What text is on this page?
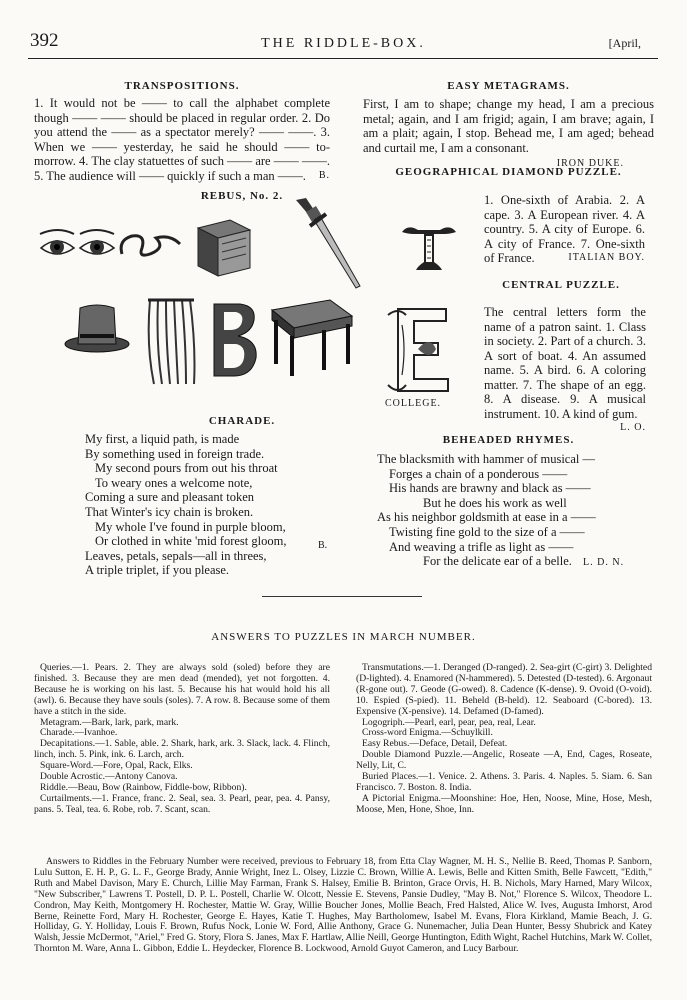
392	THE RIDDLE-BOX.	[April,
TRANSPOSITIONS.

1. It would not be —— to call the alphabet complete though —— —— should be placed in regular order. 2. Do you attend the —— as a spectator merely? —— ——. 3. When we —— yesterday, he said he should —— to-morrow. 4. The clay statuettes of such —— are —— ——. 5. The audience will —— quickly if such a man ——. B.

EASY METAGRAMS.

First, I am to shape; change my head, I am a precious metal; again, and I am frigid; again, I am brave; again, I am a plait; again, I stop. Behead me, I am aged; behead and curtail me, I am a consonant.

IRON DUKE.
GEOGRAPHICAL DIAMOND PUZZLE.

1. One-sixth of Arabia. 2. A cape. 3. A European river. 4. A country. 5. A city of Europe. 6. A city of France. 7. One-sixth of France.	ITALIAN BOY.

REBUS, No. 2.
CENTRAL PUZZLE.
COLLEGE.

The central letters form the name of a patron saint. 1. Class in society. 2. Part of a church. 3. A sort of boat. 4. An assumed name. 5. A bird. 6. A coloring matter. 7. The shape of an egg. 8. A disease. 9. A musical instrument. 10. A kind of gum.
L. O.

CHARADE.
My first, a liquid path, is made
By something used in foreign trade.
My second pours from out his throat
To weary ones a welcome note,
Coming a sure and pleasant token
That Winter's icy chain is broken.
My whole I've found in purple bloom,
Or clothed in white 'mid forest gloom,
Leaves, petals, sepals—all in threes,
A triple triplet, if you please.
B.
BEHEADED RHYMES.
The blacksmith with hammer of musical —
Forges a chain of a ponderous ——
His hands are brawny and black as ——
But he does his work as well
As his neighbor goldsmith at ease in a ——
Twisting fine gold to the size of a ——
And weaving a trifle as light as ——
For the delicate ear of a belle. L. D. N.
ANSWERS TO PUZZLES IN MARCH NUMBER.

Queries.—1. Pears. 2. They are always sold (soled) before they are finished. 3. Because they are men dead (mended), yet not forgotten. 4. Because he is working on his last. 5. Because his hat would hold his all (awl). 6. Because they have souls (soles). 7. A row. 8. Because some of them have a stitch in the side.

Metagram.—Bark, lark, park, mark.

Charade.—Ivanhoe.

Decapitations.—1. Sable, able. 2. Shark, hark, ark. 3. Slack, lack. 4. Flinch, linch, inch. 5. Pink, ink. 6. Larch, arch.

Square-Word.—Fore, Opal, Rack, Elks.

Double Acrostic.—Antony Canova.

Riddle.—Beau, Bow (Rainbow, Fiddle-bow, Ribbon).

Curtailments.—1. France, franc. 2. Seal, sea. 3. Pearl, pear, pea. 4. Pansy, pans. 5. Teal, tea. 6. Robe, rob. 7. Scant, scan.

Transmutations.—1. Deranged (D-ranged). 2. Sea-girt (C-girt) 3. Delighted (D-lighted). 4. Enamored (N-hammered). 5. Detested (D-tested). 6. Argonaut (R-gone out). 7. Geode (G-owed). 8. Cadence (K-dense). 9. Ovoid (O-void). 10. Espied (S-pied). 11. Beheld (B-held). 12. Seaboard (C-bored). 13. Expensive (X-pensive). 14. Defamed (D-famed).

Logogriph.—Pearl, earl, pear, pea, real, Lear.

Cross-word Enigma.—Schuylkill.

Easy Rebus.—Deface, Detail, Defeat.

Double Diamond Puzzle.—Angelic, Roseate —A, End, Cages, Roseate, Nelly, Lit, C.

Buried Places.—1. Venice. 2. Athens. 3. Paris. 4. Naples. 5. Siam. 6. San Francisco. 7. Boston. 8. India.

A Pictorial Enigma.—Moonshine: Hoe, Hen, Noose, Mine, Hose, Mesh, Moose, Men, Hone, Shoe, Inn.

Answers to Riddles in the February Number were received, previous to February 18, from Etta Clay Wagner, M. H. S., Nellie B. Reed, Thomas P. Sanborn, Lulu Sutton, E. H. P., G. L. F., George Brady, Annie Wright, Inez L. Olsey, Lizzie C. Brown, Willie A. Lewis, Belle and Kitten Smith, Belle Fawcett, "Edith," Ruth and Mabel Davison, Mary E. Church, Lillie May Farman, Frank S. Halsey, Emilie B. Brinton, Grace Orvis, H. B. Nichols, Mary Harned, Mary Wilcox, "New Subscriber," Lawrens T. Postell, D. P. L. Postell, Charlie W. Olcott, Nessie E. Stevens, Pansie Dudley, "May B. Not," Florence S. Wilcox, Theodore L. Condron, May Keith, Montgomery H. Rochester, Mattie W. Gray, Willie Boucher Jones, Mollie Beach, Fred Halsted, Alice W. Ives, Augusta Imhorst, Arod Berne, Reinette Ford, Mary H. Rochester, George E. Hayes, Katie T. Hughes, May Bartholomew, Isabel M. Evans, Flora Kirkland, Mamie Beach, J. G. Holliday, G. Y. Holliday, Louis F. Brown, Rufus Nock, Lonie W. Ford, Allie Anthony, Grace G. Nunemacher, Julia Dean Hunter, Bessy Shubrick and Katey Walsh, Jessie McDermot, "Ariel," Fred G. Story, Flora S. Janes, Max F. Hartlaw, Allie Neill, George Huntington, Edith Wight, Rachel Hutchins, Mark W. Collet, Thornton M. Ware, Anna L. Gibbon, Eddie L. Heydecker, Florence B. Lockwood, Arnold Guyot Cameron, and Lucy Barbour.
